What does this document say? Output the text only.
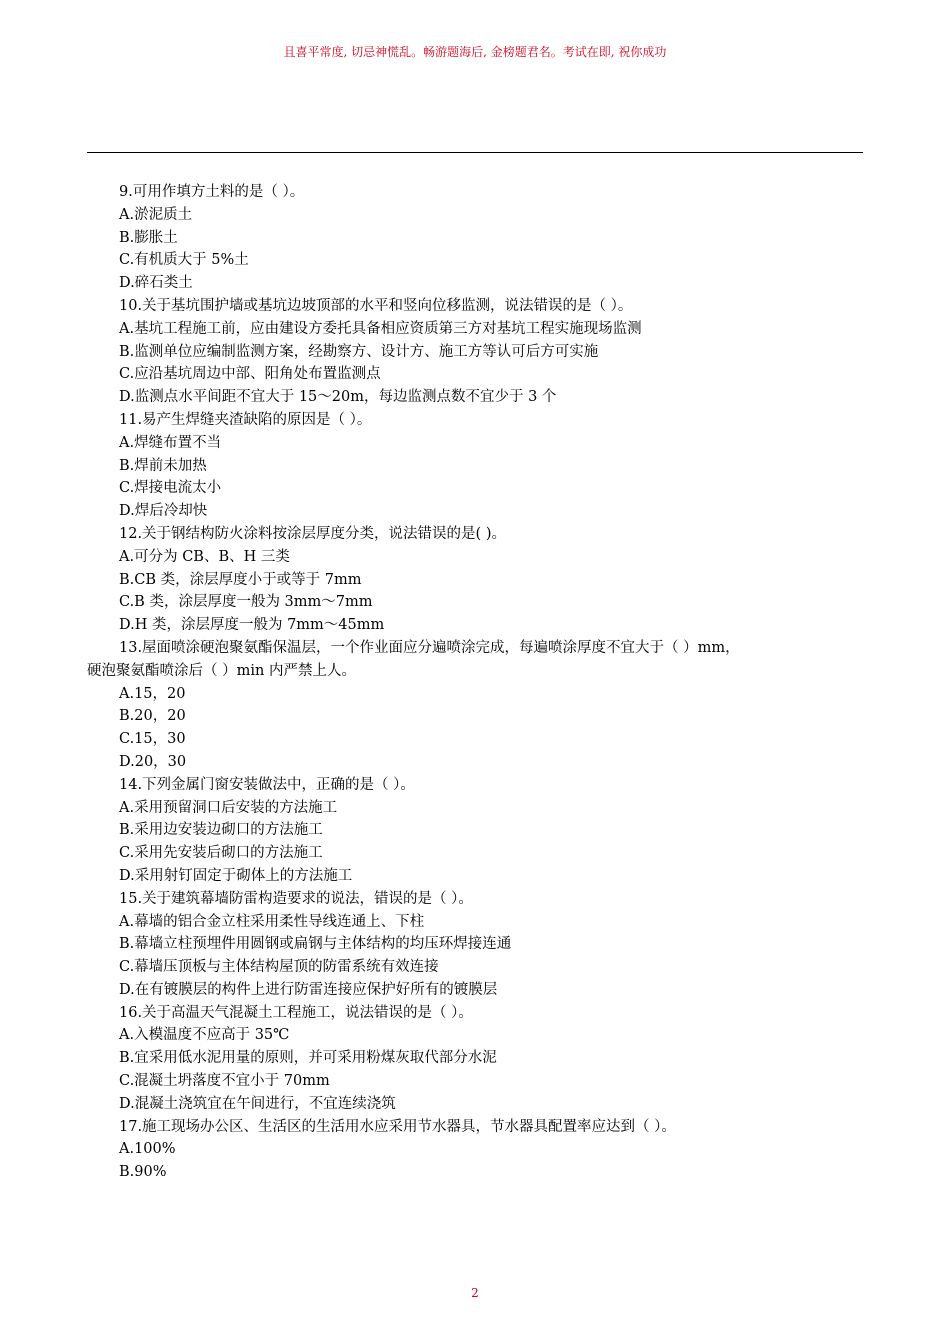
且喜平常度, 切忌神慌乱。畅游题海后, 金榜题君名。考试在即, 祝你成功
9.可用作填方土料的是（ ）。
A.淤泥质土
B.膨胀土
C.有机质大于 5%土
D.碎石类土
10.关于基坑围护墙或基坑边坡顶部的水平和竖向位移监测，说法错误的是（ ）。
A.基坑工程施工前，应由建设方委托具备相应资质第三方对基坑工程实施现场监测
B.监测单位应编制监测方案，经勘察方、设计方、施工方等认可后方可实施
C.应沿基坑周边中部、阳角处布置监测点
D.监测点水平间距不宜大于 15～20m，每边监测点数不宜少于 3 个
11.易产生焊缝夹渣缺陷的原因是（ ）。
A.焊缝布置不当
B.焊前未加热
C.焊接电流太小
D.焊后冷却快
12.关于钢结构防火涂料按涂层厚度分类，说法错误的是( )。
A.可分为 CB、B、H 三类
B.CB 类，涂层厚度小于或等于 7mm
C.B 类，涂层厚度一般为 3mm～7mm
D.H 类，涂层厚度一般为 7mm～45mm
13.屋面喷涂硬泡聚氨酯保温层，一个作业面应分遍喷涂完成，每遍喷涂厚度不宜大于（ ）mm，
硬泡聚氨酯喷涂后（ ）min 内严禁上人。
A.15，20
B.20，20
C.15，30
D.20，30
14.下列金属门窗安装做法中，正确的是（ ）。
A.采用预留洞口后安装的方法施工
B.采用边安装边砌口的方法施工
C.采用先安装后砌口的方法施工
D.采用射钉固定于砌体上的方法施工
15.关于建筑幕墙防雷构造要求的说法，错误的是（ ）。
A.幕墙的铝合金立柱采用柔性导线连通上、下柱
B.幕墙立柱预埋件用圆钢或扁钢与主体结构的均压环焊接连通
C.幕墙压顶板与主体结构屋顶的防雷系统有效连接
D.在有镀膜层的构件上进行防雷连接应保护好所有的镀膜层
16.关于高温天气混凝土工程施工，说法错误的是（ ）。
A.入模温度不应高于 35℃
B.宜采用低水泥用量的原则，并可采用粉煤灰取代部分水泥
C.混凝土坍落度不宜小于 70mm
D.混凝土浇筑宜在午间进行，不宜连续浇筑
17.施工现场办公区、生活区的生活用水应采用节水器具，节水器具配置率应达到（ ）。
A.100%
B.90%
2
